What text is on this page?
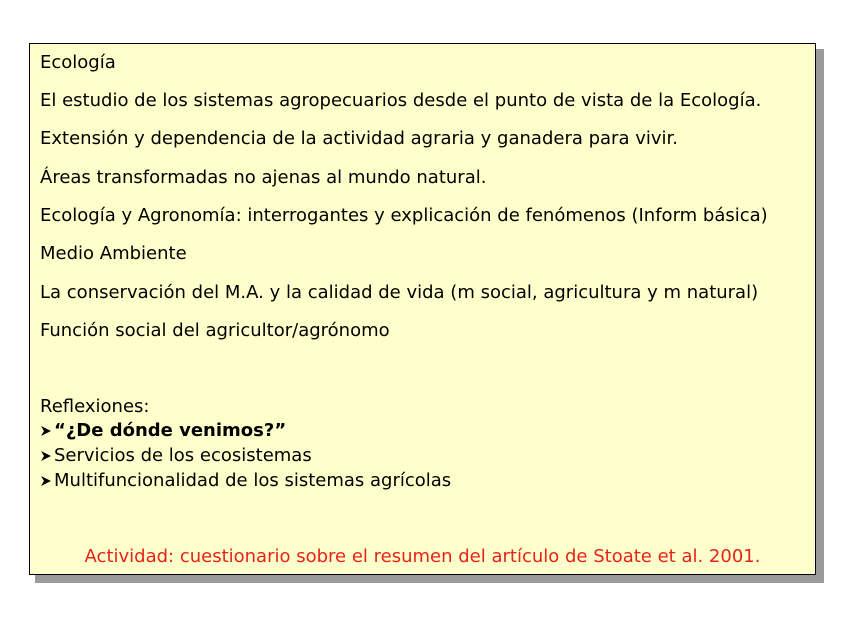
Ecología
El estudio de los sistemas agropecuarios desde el punto de vista de la Ecología.
Extensión y dependencia de la actividad agraria y ganadera para vivir.
Áreas transformadas no ajenas al mundo natural.
Ecología y Agronomía: interrogantes y explicación de fenómenos (Inform básica)
Medio Ambiente
La conservación del M.A. y la calidad de vida (m social, agricultura y m natural)
Función social del agricultor/agrónomo
Reflexiones:
“¿De dónde venimos?”
Servicios de los ecosistemas
Multifuncionalidad de los sistemas agrícolas
Actividad: cuestionario sobre el resumen del artículo de Stoate et al. 2001.
